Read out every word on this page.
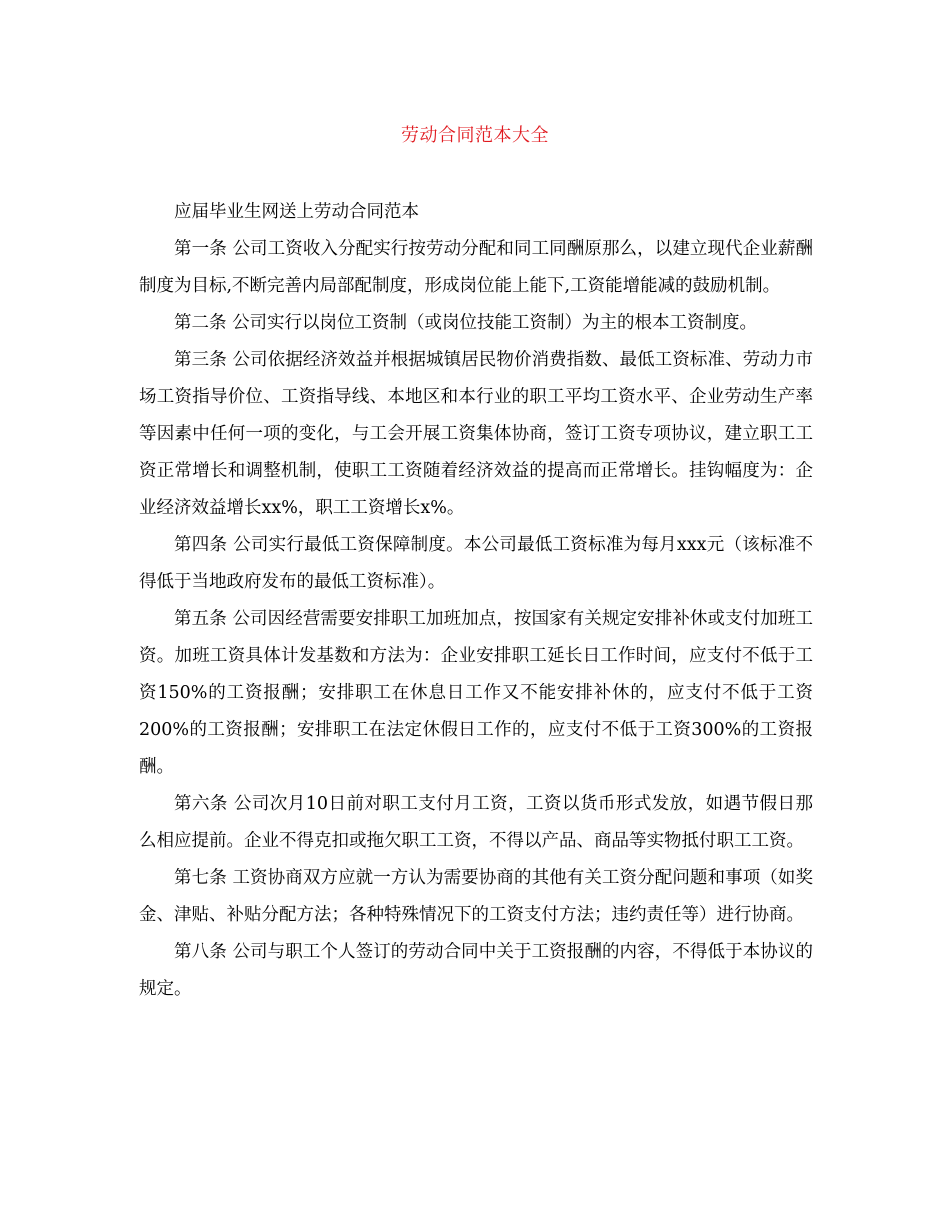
劳动合同范本大全

应届毕业生网送上劳动合同范本

第一条 公司工资收入分配实行按劳动分配和同工同酬原那么，以建立现代企业薪酬制度为目标,不断完善内局部配制度，形成岗位能上能下,工资能增能减的鼓励机制。

第二条 公司实行以岗位工资制（或岗位技能工资制）为主的根本工资制度。

第三条 公司依据经济效益并根据城镇居民物价消费指数、最低工资标准、劳动力市场工资指导价位、工资指导线、本地区和本行业的职工平均工资水平、企业劳动生产率等因素中任何一项的变化，与工会开展工资集体协商，签订工资专项协议，建立职工工资正常增长和调整机制，使职工工资随着经济效益的提高而正常增长。挂钩幅度为：企业经济效益增长xx%，职工工资增长x%。

第四条 公司实行最低工资保障制度。本公司最低工资标准为每月xxx元（该标准不得低于当地政府发布的最低工资标准）。

第五条 公司因经营需要安排职工加班加点，按国家有关规定安排补休或支付加班工资。加班工资具体计发基数和方法为：企业安排职工延长日工作时间，应支付不低于工资150%的工资报酬；安排职工在休息日工作又不能安排补休的，应支付不低于工资200%的工资报酬；安排职工在法定休假日工作的，应支付不低于工资300%的工资报酬。

第六条 公司次月10日前对职工支付月工资，工资以货币形式发放，如遇节假日那么相应提前。企业不得克扣或拖欠职工工资，不得以产品、商品等实物抵付职工工资。

第七条 工资协商双方应就一方认为需要协商的其他有关工资分配问题和事项（如奖金、津贴、补贴分配方法；各种特殊情况下的工资支付方法；违约责任等）进行协商。

第八条 公司与职工个人签订的劳动合同中关于工资报酬的内容，不得低于本协议的规定。
